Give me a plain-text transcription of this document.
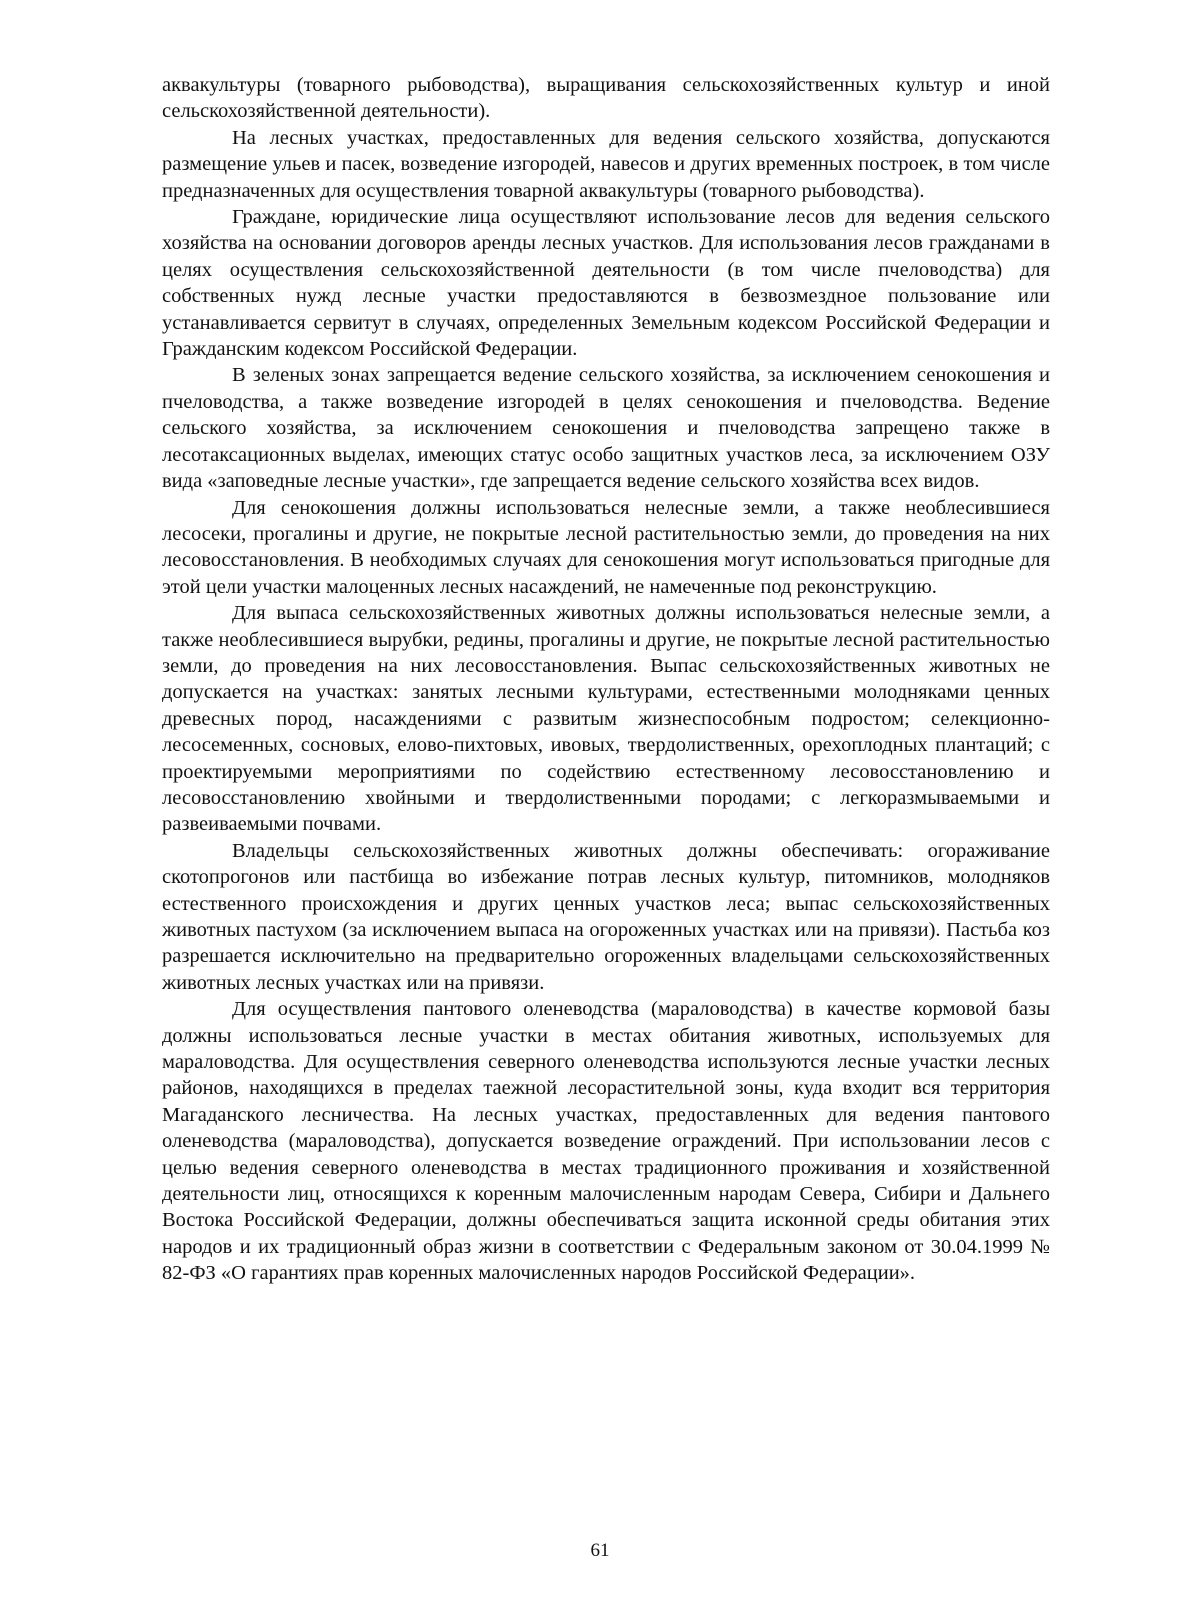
аквакультуры (товарного рыбоводства), выращивания сельскохозяйственных культур и иной сельскохозяйственной деятельности).

На лесных участках, предоставленных для ведения сельского хозяйства, допускаются размещение ульев и пасек, возведение изгородей, навесов и других временных построек, в том числе предназначенных для осуществления товарной аквакультуры (товарного рыбоводства).

Граждане, юридические лица осуществляют использование лесов для ведения сельского хозяйства на основании договоров аренды лесных участков. Для использования лесов гражданами в целях осуществления сельскохозяйственной деятельности (в том числе пчеловодства) для собственных нужд лесные участки предоставляются в безвозмездное пользование или устанавливается сервитут в случаях, определенных Земельным кодексом Российской Федерации и Гражданским кодексом Российской Федерации.

В зеленых зонах запрещается ведение сельского хозяйства, за исключением сенокошения и пчеловодства, а также возведение изгородей в целях сенокошения и пчеловодства. Ведение сельского хозяйства, за исключением сенокошения и пчеловодства запрещено также в лесотаксационных выделах, имеющих статус особо защитных участков леса, за исключением ОЗУ вида «заповедные лесные участки», где запрещается ведение сельского хозяйства всех видов.

Для сенокошения должны использоваться нелесные земли, а также необлесившиеся лесосеки, прогалины и другие, не покрытые лесной растительностью земли, до проведения на них лесовосстановления. В необходимых случаях для сенокошения могут использоваться пригодные для этой цели участки малоценных лесных насаждений, не намеченные под реконструкцию.

Для выпаса сельскохозяйственных животных должны использоваться нелесные земли, а также необлесившиеся вырубки, редины, прогалины и другие, не покрытые лесной растительностью земли, до проведения на них лесовосстановления. Выпас сельскохозяйственных животных не допускается на участках: занятых лесными культурами, естественными молодняками ценных древесных пород, насаждениями с развитым жизнеспособным подростом; селекционно-лесосеменных, сосновых, елово-пихтовых, ивовых, твердолиственных, орехоплодных плантаций; с проектируемыми мероприятиями по содействию естественному лесовосстановлению и лесовосстановлению хвойными и твердолиственными породами; с легкоразмываемыми и развеиваемыми почвами.

Владельцы сельскохозяйственных животных должны обеспечивать: огораживание скотопрогонов или пастбища во избежание потрав лесных культур, питомников, молодняков естественного происхождения и других ценных участков леса; выпас сельскохозяйственных животных пастухом (за исключением выпаса на огороженных участках или на привязи). Пастьба коз разрешается исключительно на предварительно огороженных владельцами сельскохозяйственных животных лесных участках или на привязи.

Для осуществления пантового оленеводства (мараловодства) в качестве кормовой базы должны использоваться лесные участки в местах обитания животных, используемых для мараловодства. Для осуществления северного оленеводства используются лесные участки лесных районов, находящихся в пределах таежной лесорастительной зоны, куда входит вся территория Магаданского лесничества. На лесных участках, предоставленных для ведения пантового оленеводства (мараловодства), допускается возведение ограждений. При использовании лесов с целью ведения северного оленеводства в местах традиционного проживания и хозяйственной деятельности лиц, относящихся к коренным малочисленным народам Севера, Сибири и Дальнего Востока Российской Федерации, должны обеспечиваться защита исконной среды обитания этих народов и их традиционный образ жизни в соответствии с Федеральным законом от 30.04.1999 № 82-ФЗ «О гарантиях прав коренных малочисленных народов Российской Федерации».

61
